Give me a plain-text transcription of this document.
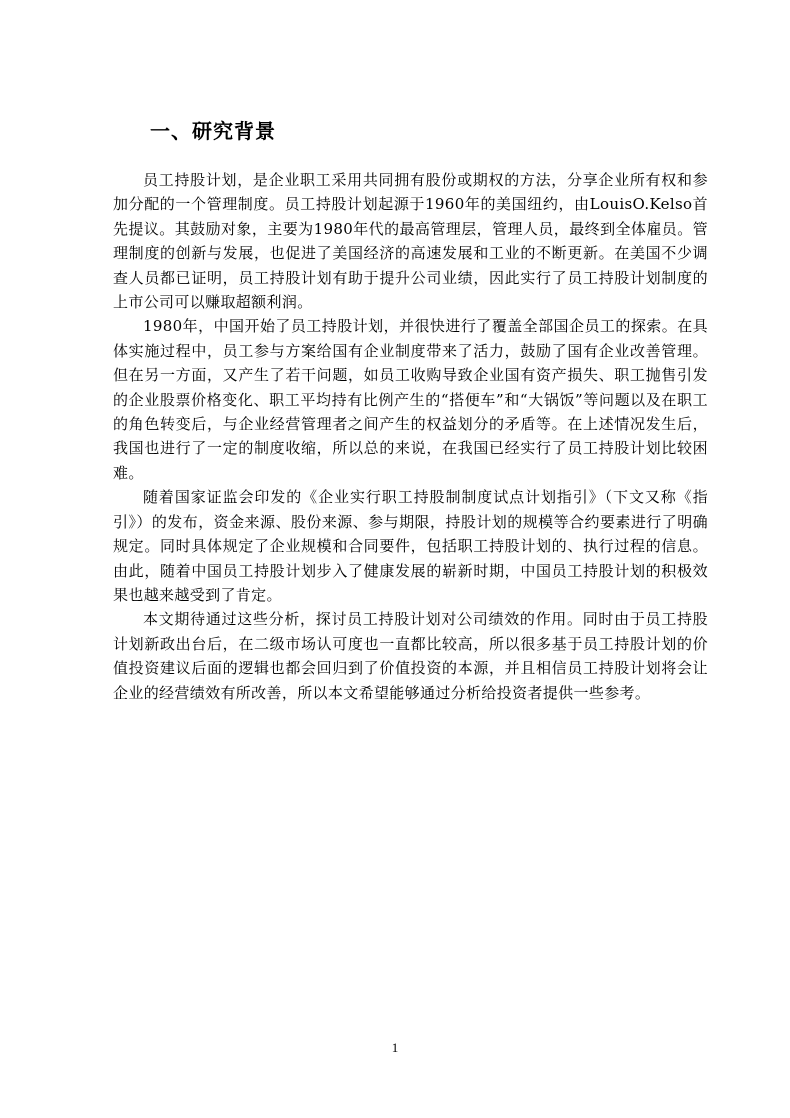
一、研究背景

员工持股计划，是企业职工采用共同拥有股份或期权的方法，分享企业所有权和参加分配的一个管理制度。员工持股计划起源于1960年的美国纽约，由LouisO.Kelso首先提议。其鼓励对象，主要为1980年代的最高管理层，管理人员，最终到全体雇员。管理制度的创新与发展，也促进了美国经济的高速发展和工业的不断更新。在美国不少调查人员都已证明，员工持股计划有助于提升公司业绩，因此实行了员工持股计划制度的上市公司可以赚取超额利润。

1980年，中国开始了员工持股计划，并很快进行了覆盖全部国企员工的探索。在具体实施过程中，员工参与方案给国有企业制度带来了活力，鼓励了国有企业改善管理。但在另一方面，又产生了若干问题，如员工收购导致企业国有资产损失、职工抛售引发的企业股票价格变化、职工平均持有比例产生的“搭便车”和“大锅饭”等问题以及在职工的角色转变后，与企业经营管理者之间产生的权益划分的矛盾等。在上述情况发生后，我国也进行了一定的制度收缩，所以总的来说，在我国已经实行了员工持股计划比较困难。

随着国家证监会印发的《企业实行职工持股制制度试点计划指引》（下文又称《指引》）的发布，资金来源、股份来源、参与期限，持股计划的规模等合约要素进行了明确规定。同时具体规定了企业规模和合同要件，包括职工持股计划的、执行过程的信息。由此，随着中国员工持股计划步入了健康发展的崭新时期，中国员工持股计划的积极效果也越来越受到了肯定。

本文期待通过这些分析，探讨员工持股计划对公司绩效的作用。同时由于员工持股计划新政出台后，在二级市场认可度也一直都比较高，所以很多基于员工持股计划的价值投资建议后面的逻辑也都会回归到了价值投资的本源，并且相信员工持股计划将会让企业的经营绩效有所改善，所以本文希望能够通过分析给投资者提供一些参考。

1
